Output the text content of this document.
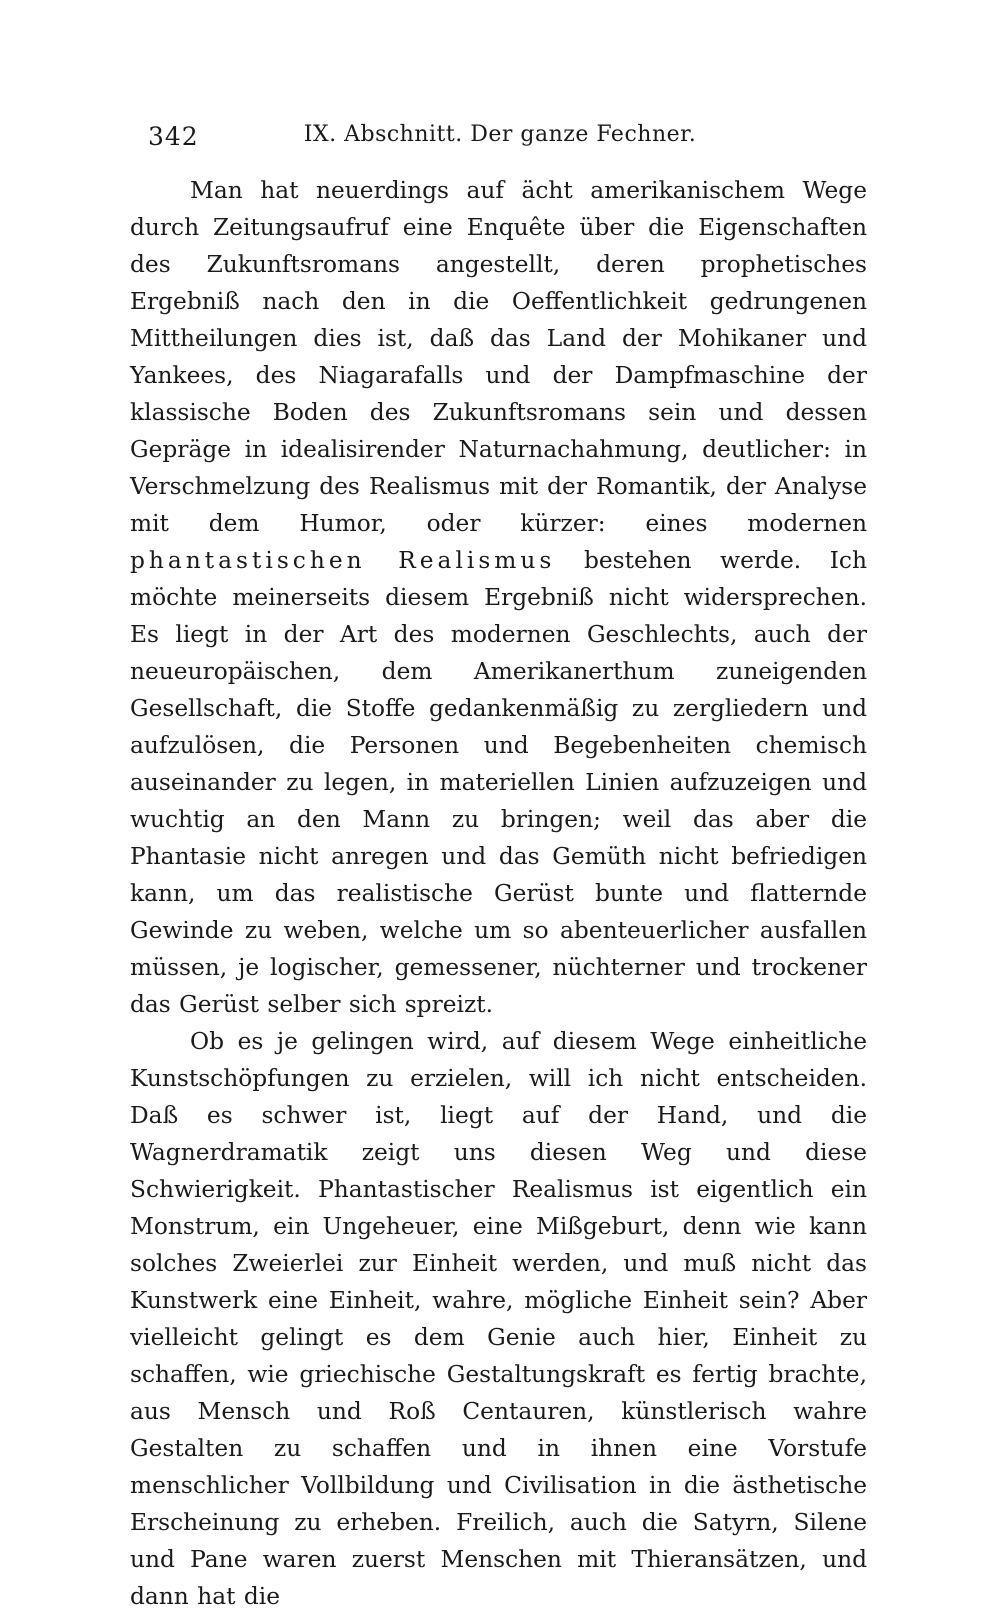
342	IX. Abschnitt. Der ganze Fechner.

Man hat neuerdings auf ächt amerikanischem Wege durch Zeitungsaufruf eine Enquête über die Eigenschaften des Zukunftsromans angestellt, deren prophetisches Ergebniß nach den in die Oeffentlichkeit gedrungenen Mittheilungen dies ist, daß das Land der Mohikaner und Yankees, des Niagarafalls und der Dampfmaschine der klassische Boden des Zukunftsromans sein und dessen Gepräge in idealisirender Naturnachahmung, deutlicher: in Verschmelzung des Realismus mit der Romantik, der Analyse mit dem Humor, oder kürzer: eines modernen phantastischen Realismus bestehen werde. Ich möchte meinerseits diesem Ergebniß nicht widersprechen. Es liegt in der Art des modernen Geschlechts, auch der neueuropäischen, dem Amerikanerthum zuneigenden Gesellschaft, die Stoffe gedankenmäßig zu zergliedern und aufzulösen, die Personen und Begebenheiten chemisch auseinander zu legen, in materiellen Linien aufzuzeigen und wuchtig an den Mann zu bringen; weil das aber die Phantasie nicht anregen und das Gemüth nicht befriedigen kann, um das realistische Gerüst bunte und flatternde Gewinde zu weben, welche um so abenteuerlicher ausfallen müssen, je logischer, gemessener, nüchterner und trockener das Gerüst selber sich spreizt.

Ob es je gelingen wird, auf diesem Wege einheitliche Kunstschöpfungen zu erzielen, will ich nicht entscheiden. Daß es schwer ist, liegt auf der Hand, und die Wagnerdramatik zeigt uns diesen Weg und diese Schwierigkeit. Phantastischer Realismus ist eigentlich ein Monstrum, ein Ungeheuer, eine Mißgeburt, denn wie kann solches Zweierlei zur Einheit werden, und muß nicht das Kunstwerk eine Einheit, wahre, mögliche Einheit sein? Aber vielleicht gelingt es dem Genie auch hier, Einheit zu schaffen, wie griechische Gestaltungskraft es fertig brachte, aus Mensch und Roß Centauren, künstlerisch wahre Gestalten zu schaffen und in ihnen eine Vorstufe menschlicher Vollbildung und Civilisation in die ästhetische Erscheinung zu erheben. Freilich, auch die Satyrn, Silene und Pane waren zuerst Menschen mit Thieransätzen, und dann hat die
